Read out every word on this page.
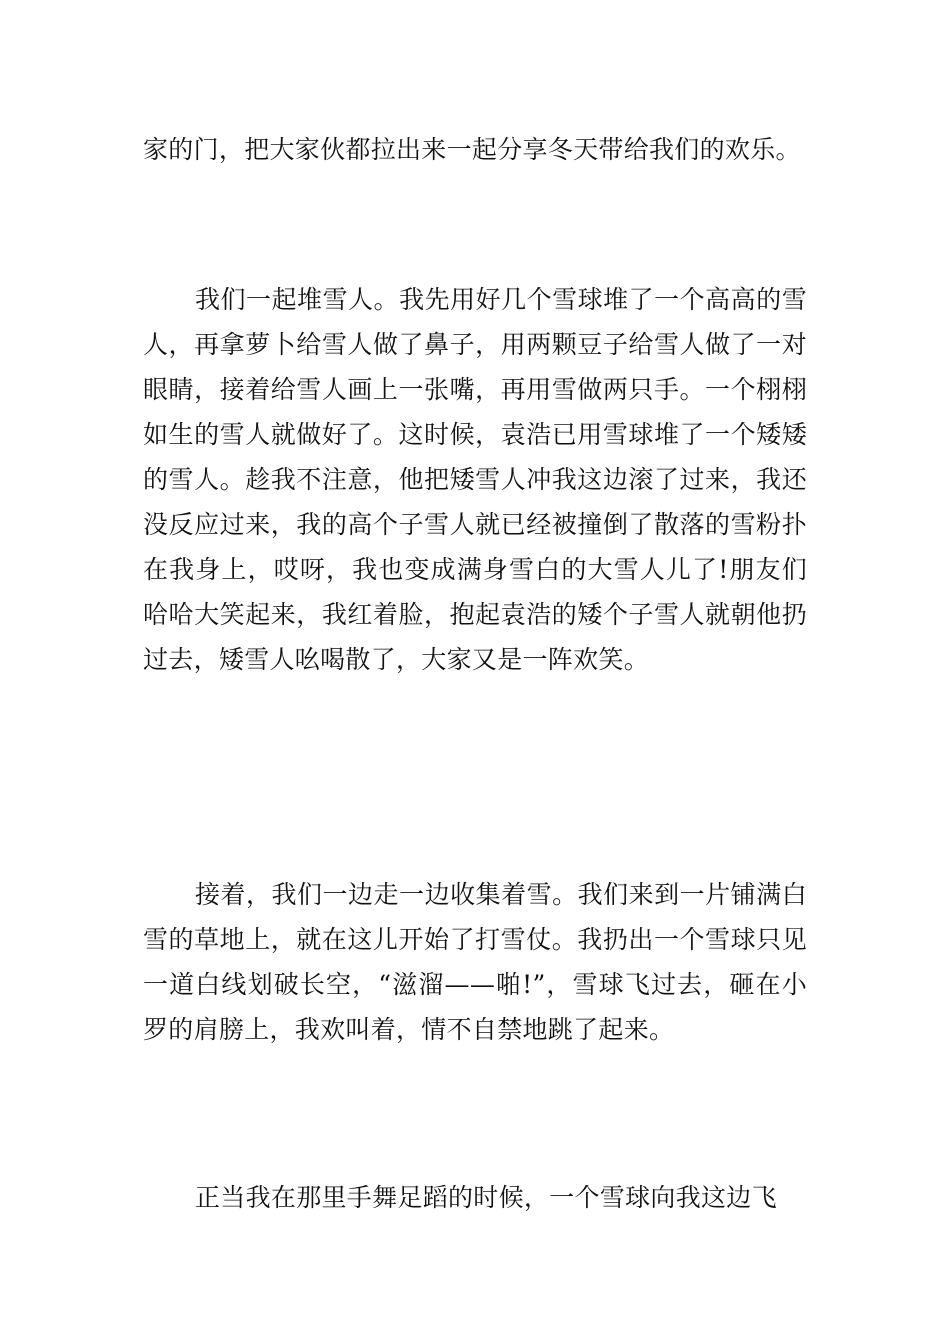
家的门，把大家伙都拉出来一起分享冬天带给我们的欢乐。

我们一起堆雪人。我先用好几个雪球堆了一个高高的雪人，再拿萝卜给雪人做了鼻子，用两颗豆子给雪人做了一对眼睛，接着给雪人画上一张嘴，再用雪做两只手。一个栩栩如生的雪人就做好了。这时候，袁浩已用雪球堆了一个矮矮的雪人。趁我不注意，他把矮雪人冲我这边滚了过来，我还没反应过来，我的高个子雪人就已经被撞倒了散落的雪粉扑在我身上，哎呀，我也变成满身雪白的大雪人儿了!朋友们哈哈大笑起来，我红着脸，抱起袁浩的矮个子雪人就朝他扔过去，矮雪人吆喝散了，大家又是一阵欢笑。

接着，我们一边走一边收集着雪。我们来到一片铺满白雪的草地上，就在这儿开始了打雪仗。我扔出一个雪球只见一道白线划破长空，“滋溜——啪!”，雪球飞过去，砸在小罗的肩膀上，我欢叫着，情不自禁地跳了起来。

正当我在那里手舞足蹈的时候，一个雪球向我这边飞
